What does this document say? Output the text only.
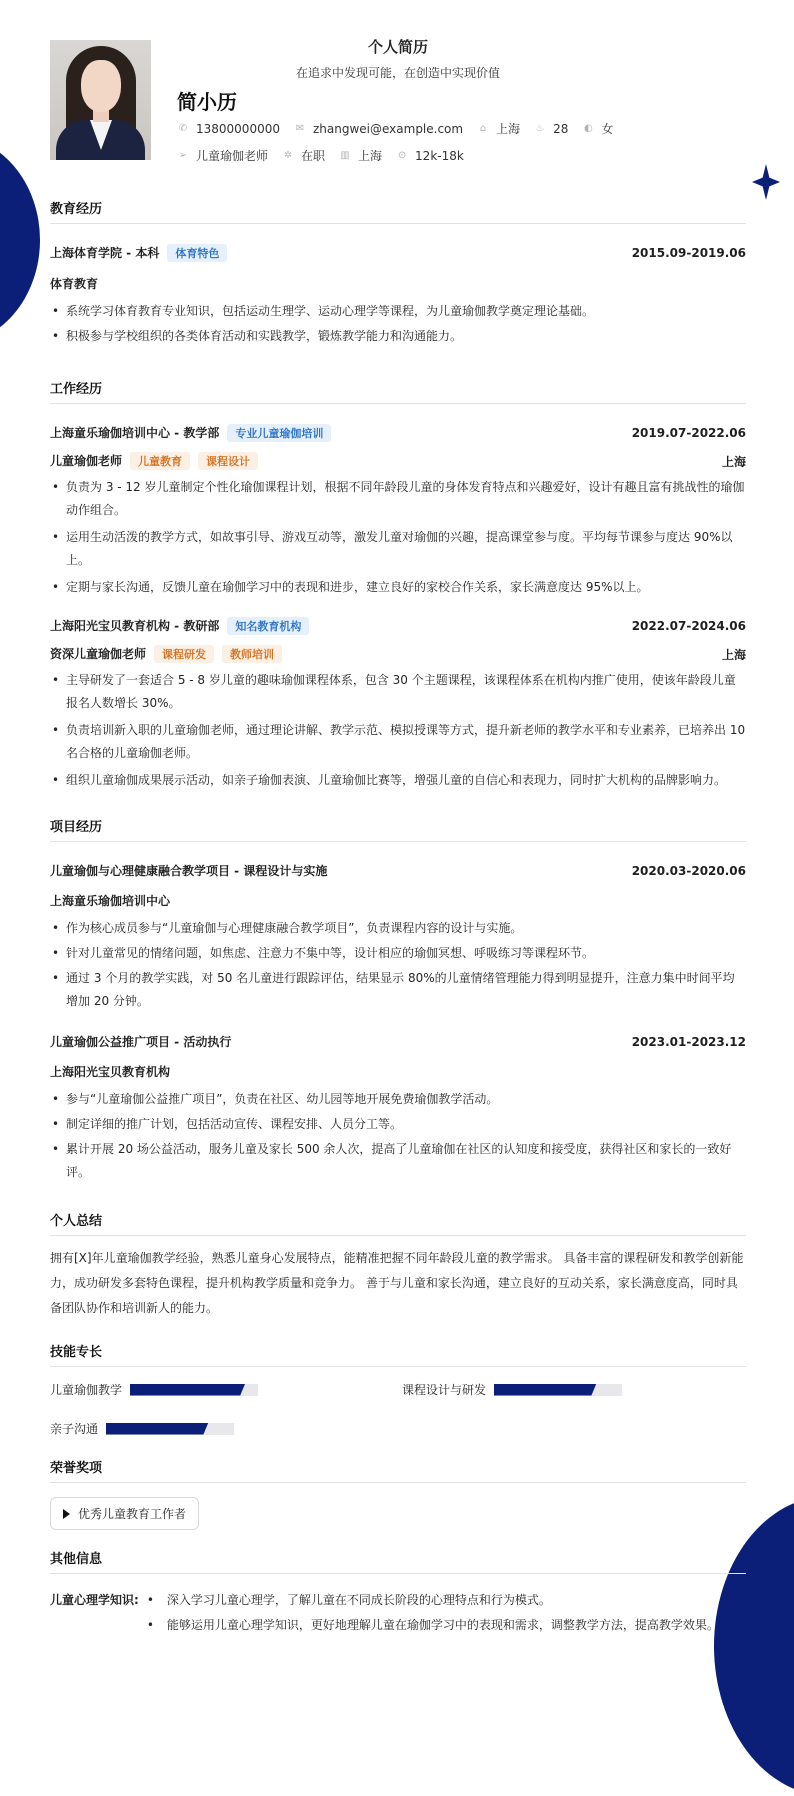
个人简历
在追求中发现可能，在创造中实现价值
简小历
✆ 13800000000 ✉ zhangwei@example.com ⌂ 上海 ♨ 28 ◐ 女
➢ 儿童瑜伽老师 ✲ 在职 ▥ 上海 ⊙ 12k-18k
教育经历
上海体育学院 - 本科 体育特色	2015.09-2019.06
体育教育
• 系统学习体育教育专业知识，包括运动生理学、运动心理学等课程，为儿童瑜伽教学奠定理论基础。
• 积极参与学校组织的各类体育活动和实践教学，锻炼教学能力和沟通能力。
工作经历
上海童乐瑜伽培训中心 - 教学部 专业儿童瑜伽培训	2019.07-2022.06
儿童瑜伽老师 儿童教育 课程设计	上海
• 负责为 3 - 12 岁儿童制定个性化瑜伽课程计划，根据不同年龄段儿童的身体发育特点和兴趣爱好，设计有趣且富有挑战性的瑜伽动作组合。
• 运用生动活泼的教学方式，如故事引导、游戏互动等，激发儿童对瑜伽的兴趣，提高课堂参与度。平均每节课参与度达 90%以上。
• 定期与家长沟通，反馈儿童在瑜伽学习中的表现和进步，建立良好的家校合作关系，家长满意度达 95%以上。
上海阳光宝贝教育机构 - 教研部 知名教育机构	2022.07-2024.06
资深儿童瑜伽老师 课程研发 教师培训	上海
• 主导研发了一套适合 5 - 8 岁儿童的趣味瑜伽课程体系，包含 30 个主题课程，该课程体系在机构内推广使用，使该年龄段儿童报名人数增长 30%。
• 负责培训新入职的儿童瑜伽老师，通过理论讲解、教学示范、模拟授课等方式，提升新老师的教学水平和专业素养，已培养出 10 名合格的儿童瑜伽老师。
• 组织儿童瑜伽成果展示活动，如亲子瑜伽表演、儿童瑜伽比赛等，增强儿童的自信心和表现力，同时扩大机构的品牌影响力。
项目经历
儿童瑜伽与心理健康融合教学项目 - 课程设计与实施	2020.03-2020.06
上海童乐瑜伽培训中心
• 作为核心成员参与“儿童瑜伽与心理健康融合教学项目”，负责课程内容的设计与实施。
• 针对儿童常见的情绪问题，如焦虑、注意力不集中等，设计相应的瑜伽冥想、呼吸练习等课程环节。
• 通过 3 个月的教学实践，对 50 名儿童进行跟踪评估，结果显示 80%的儿童情绪管理能力得到明显提升，注意力集中时间平均增加 20 分钟。
儿童瑜伽公益推广项目 - 活动执行	2023.01-2023.12
上海阳光宝贝教育机构
• 参与“儿童瑜伽公益推广项目”，负责在社区、幼儿园等地开展免费瑜伽教学活动。
• 制定详细的推广计划，包括活动宣传、课程安排、人员分工等。
• 累计开展 20 场公益活动，服务儿童及家长 500 余人次，提高了儿童瑜伽在社区的认知度和接受度，获得社区和家长的一致好评。
个人总结

拥有[X]年儿童瑜伽教学经验，熟悉儿童身心发展特点，能精准把握不同年龄段儿童的教学需求。 具备丰富的课程研发和教学创新能力，成功研发多套特色课程，提升机构教学质量和竞争力。 善于与儿童和家长沟通，建立良好的互动关系，家长满意度高，同时具备团队协作和培训新人的能力。

技能专长
儿童瑜伽教学	课程设计与研发
亲子沟通
荣誉奖项
优秀儿童教育工作者
其他信息
儿童心理学知识:
•	深入学习儿童心理学，了解儿童在不同成长阶段的心理特点和行为模式。
• 能够运用儿童心理学知识，更好地理解儿童在瑜伽学习中的表现和需求，调整教学方法，提高教学效果。
